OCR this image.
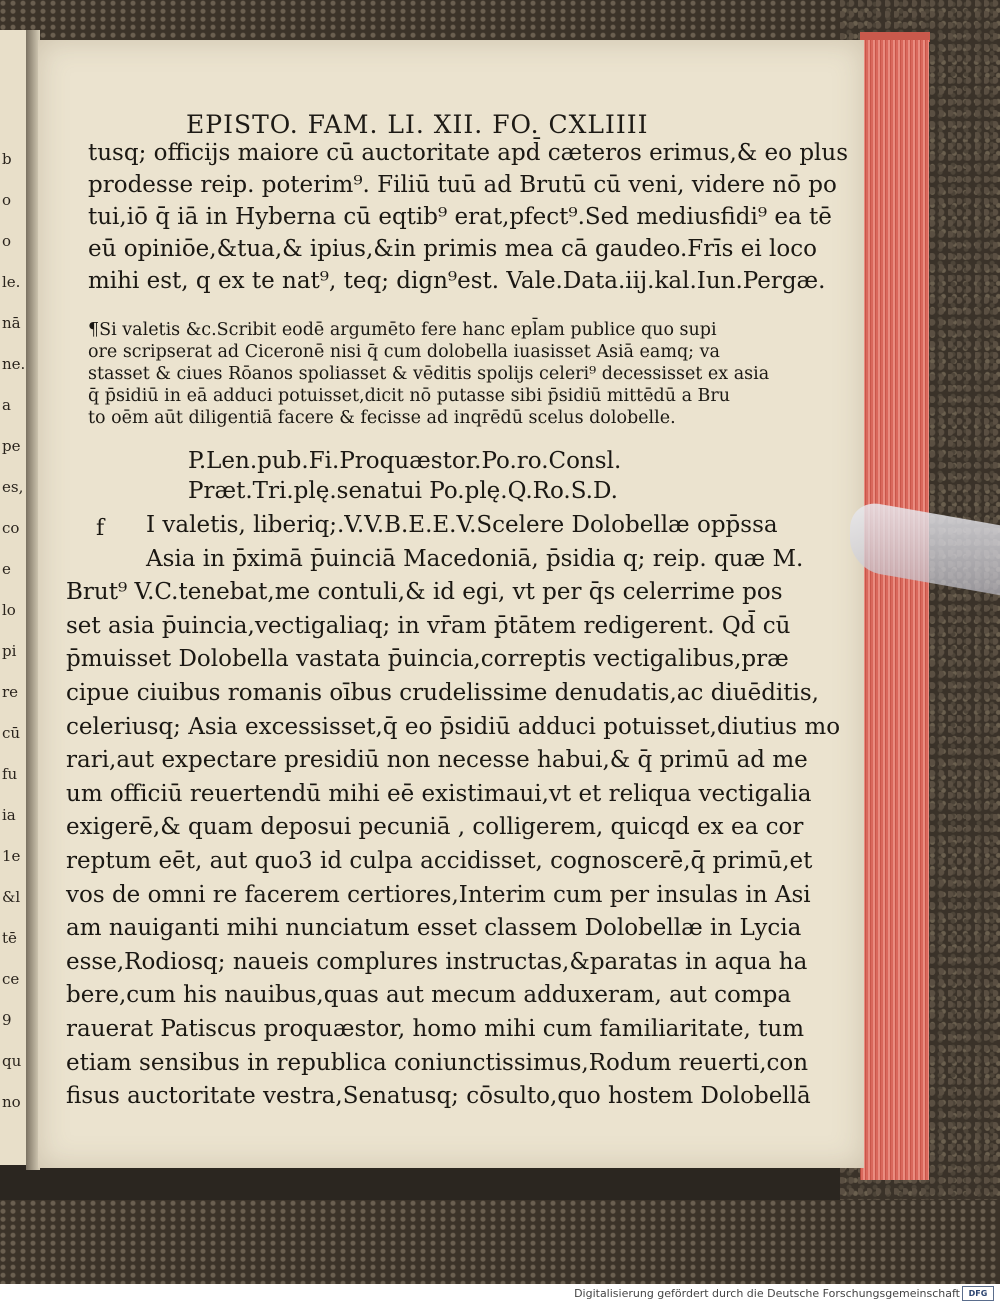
b
o
o
le.
nā
ne.
a
pe
es,
co
e
lo
pi
re
cū
fu
ia
1e
&l
tē
ce
9
qu
no
EPISTO. FAM. LI. XII. FO. CXLIIII
tusq; officijs maiore cū auctoritate apd̄ cæteros erimus,& eo plus
prodesse reip. poterim⁹. Filiū tuū ad Brutū cū veni, videre nō po
tui,iō q̄ iā in Hyberna cū eqtib⁹ erat,pfect⁹.Sed mediusfidi⁹ ea tē
eū opiniōe,&tua,& ipius,&in primis mea cā gaudeo.Frīs ei loco
mihi est, q ex te nat⁹, teq; dign⁹est. Vale.Data.iij.kal.Iun.Pergæ.
¶Si valetis &c.Scribit eodē argumēto fere hanc epl̄am publice quo supi
ore scripserat ad Ciceronē nisi q̄ cum dolobella iuasisset Asiā eamq; va
stasset & ciues Rōanos spoliasset & vēditis spolijs celeri⁹ decessisset ex asia
q̄ p̄sidiū in eā adduci potuisset,dicit nō putasse sibi p̄sidiū mittēdū a Bru
to oēm aūt diligentiā facere & fecisse ad inqrēdū scelus dolobelle.
P.Len.pub.Fi.Proquæstor.Po.ro.Consl.
Præt.Tri.plę.senatui Po.plę.Q.Ro.S.D.
I valetis, liberiq;.V.V.B.E.E.V.Scelere Dolobellæ opp̄ssa
Asia in p̄ximā p̄uinciā Macedoniā, p̄sidia q; reip. quæ M.
Brut⁹ V.C.tenebat,me contuli,& id egi, vt per q̄s celerrime pos
set asia p̄uincia,vectigaliaq; in vr̄am p̄tātem redigerent. Qd̄ cū
p̄muisset Dolobella vastata p̄uincia,correptis vectigalibus,præ
cipue ciuibus romanis oībus crudelissime denudatis,ac diuēditis,
celeriusq; Asia excessisset,q̄ eo p̄sidiū adduci potuisset,diutius mo
rari,aut expectare presidiū non necesse habui,& q̄ primū ad me
um officiū reuertendū mihi eē existimaui,vt et reliqua vectigalia
exigerē,& quam deposui pecuniā , colligerem, quicqd ex ea cor
reptum eēt, aut quo3 id culpa accidisset, cognoscerē,q̄ primū,et
vos de omni re facerem certiores,Interim cum per insulas in Asi
am nauiganti mihi nunciatum esset classem Dolobellæ in Lycia
esse,Rodiosq; naueis complures instructas,&paratas in aqua ha
bere,cum his nauibus,quas aut mecum adduxeram, aut compa
rauerat Patiscus proquæstor, homo mihi cum familiaritate, tum
etiam sensibus in republica coniunctissimus,Rodum reuerti,con
fisus auctoritate vestra,Senatusq; cōsulto,quo hostem Dolobellā
f
Digitalisierung gefördert durch die Deutsche Forschungsgemeinschaft	DFG
